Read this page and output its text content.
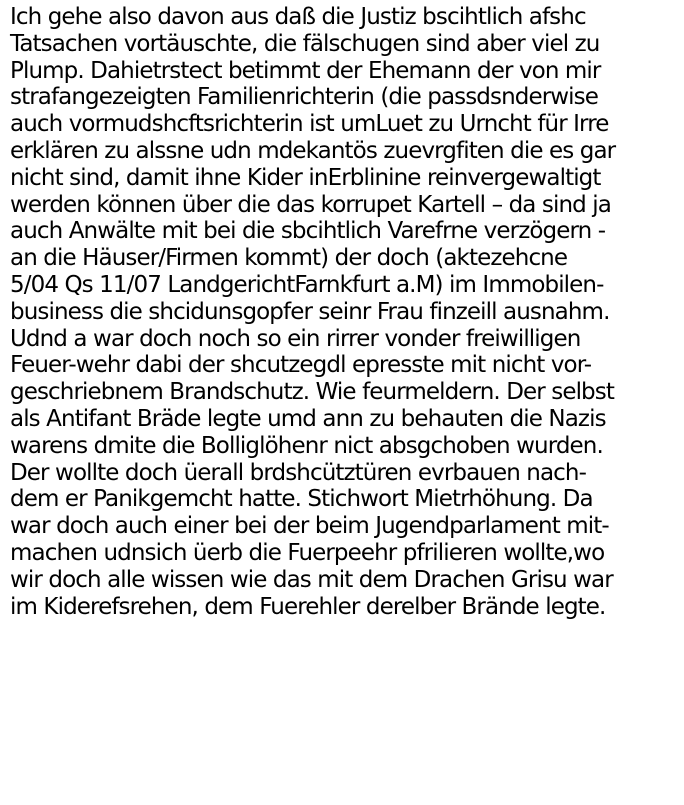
Ich gehe also davon aus daß die Justiz bscihtlich afshc
Tatsachen vortäuschte, die fälschugen sind aber viel zu
Plump. Dahietrstect betimmt der Ehemann der von mir
strafangezeigten Familienrichterin (die passdsnderwise
auch vormudshcftsrichterin ist umLuet zu Urncht für Irre
erklären zu alssne udn mdekantös zuevrgfiten die es gar
nicht sind, damit ihne Kider inErblinine reinvergewaltigt
werden können über die das korrupet Kartell – da sind ja
auch Anwälte mit bei die sbcihtlich Varefrne verzögern -
an die Häuser/Firmen kommt) der doch (aktezehcne
5/04 Qs 11/07 LandgerichtFarnkfurt a.M) im Immobilen-
business die shcidunsgopfer seinr Frau finzeill ausnahm.
Udnd a war doch noch so ein rirrer vonder freiwilligen
Feuer-wehr dabi der shcutzegdl epresste mit nicht vor-
geschriebnem Brandschutz. Wie feurmeldern. Der selbst
als Antifant Bräde legte umd ann zu behauten die Nazis
warens dmite die Bolliglöhenr nict absgchoben wurden.
Der wollte doch üerall brdshcütztüren evrbauen nach-
dem er Panikgemcht hatte. Stichwort Mietrhöhung. Da
war doch auch einer bei der beim Jugendparlament mit-
machen udnsich üerb die Fuerpeehr pfrilieren wollte,wo
wir doch alle wissen wie das mit dem Drachen Grisu war
im Kiderefsrehen, dem Fuerehler derelber Brände legte.
